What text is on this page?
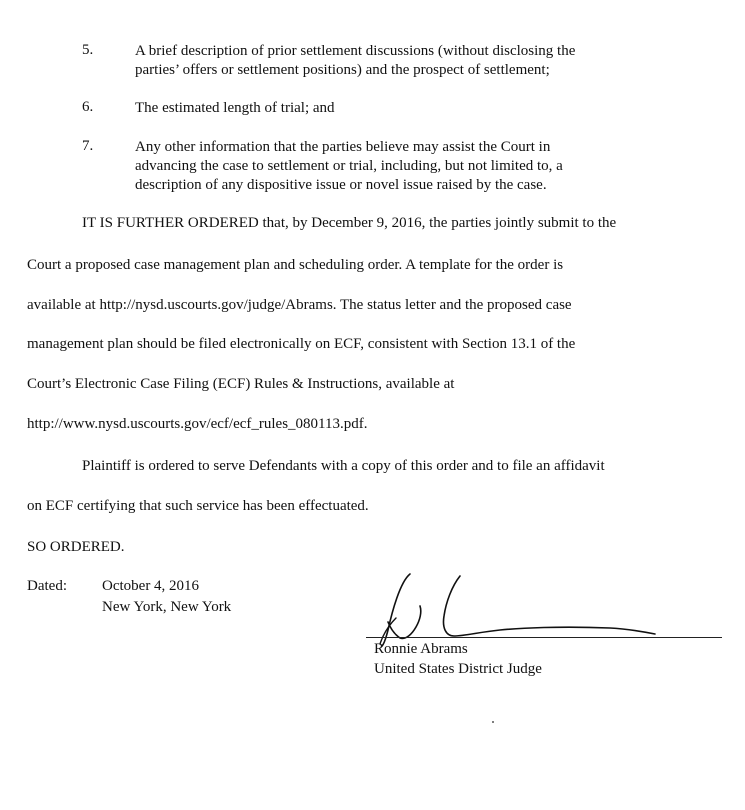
5.	A brief description of prior settlement discussions (without disclosing the
parties’ offers or settlement positions) and the prospect of settlement;
6.	The estimated length of trial; and
7.	Any other information that the parties believe may assist the Court in
advancing the case to settlement or trial, including, but not limited to, a
description of any dispositive issue or novel issue raised by the case.
IT IS FURTHER ORDERED that, by December 9, 2016, the parties jointly submit to the
Court a proposed case management plan and scheduling order. A template for the order is
available at http://nysd.uscourts.gov/judge/Abrams. The status letter and the proposed case
management plan should be filed electronically on ECF, consistent with Section 13.1 of the
Court’s Electronic Case Filing (ECF) Rules & Instructions, available at
http://www.nysd.uscourts.gov/ecf/ecf_rules_080113.pdf.
Plaintiff is ordered to serve Defendants with a copy of this order and to file an affidavit
on ECF certifying that such service has been effectuated.
SO ORDERED.
Dated: October 4, 2016
New York, New York
Ronnie Abrams
United States District Judge
